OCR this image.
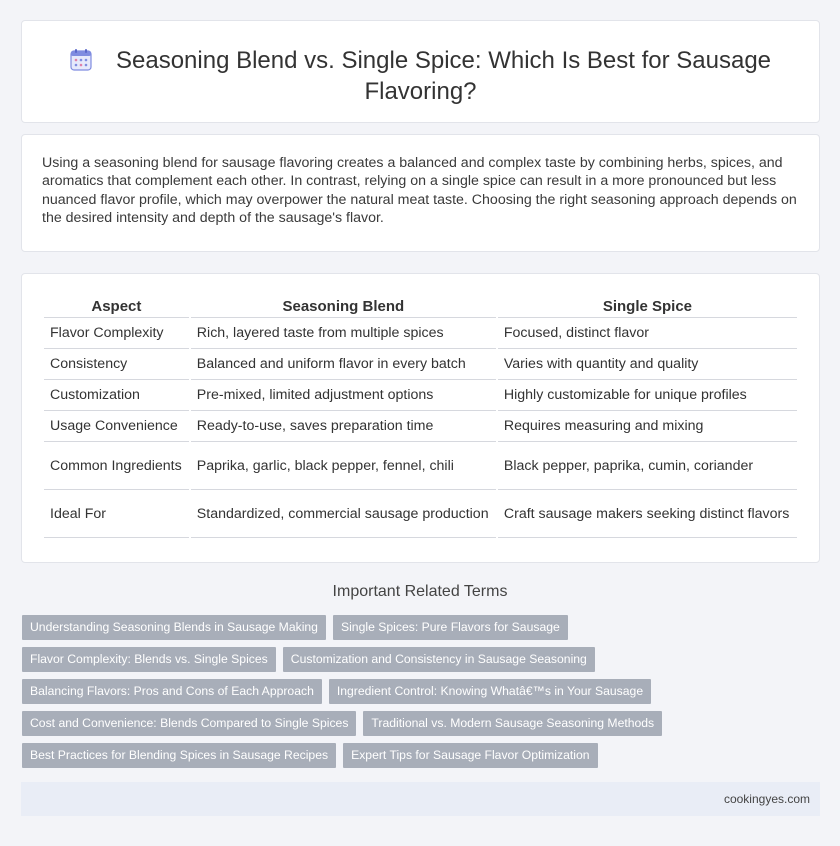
Seasoning Blend vs. Single Spice: Which Is Best for Sausage Flavoring?

Using a seasoning blend for sausage flavoring creates a balanced and complex taste by combining herbs, spices, and aromatics that complement each other. In contrast, relying on a single spice can result in a more pronounced but less nuanced flavor profile, which may overpower the natural meat taste. Choosing the right seasoning approach depends on the desired intensity and depth of the sausage's flavor.

Aspect	Seasoning Blend	Single Spice
Flavor Complexity	Rich, layered taste from multiple spices	Focused, distinct flavor
Consistency	Balanced and uniform flavor in every batch	Varies with quantity and quality
Customization	Pre-mixed, limited adjustment options	Highly customizable for unique profiles
Usage Convenience	Ready-to-use, saves preparation time	Requires measuring and mixing
Common Ingredients	Paprika, garlic, black pepper, fennel, chili	Black pepper, paprika, cumin, coriander
Ideal For	Standardized, commercial sausage production	Craft sausage makers seeking distinct flavors
Important Related Terms
Understanding Seasoning Blends in Sausage Making	Single Spices: Pure Flavors for Sausage
Flavor Complexity: Blends vs. Single Spices	Customization and Consistency in Sausage Seasoning
Balancing Flavors: Pros and Cons of Each Approach	Ingredient Control: Knowing Whatâ€™s in Your Sausage
Cost and Convenience: Blends Compared to Single Spices	Traditional vs. Modern Sausage Seasoning Methods
Best Practices for Blending Spices in Sausage Recipes	Expert Tips for Sausage Flavor Optimization
cookingyes.com
